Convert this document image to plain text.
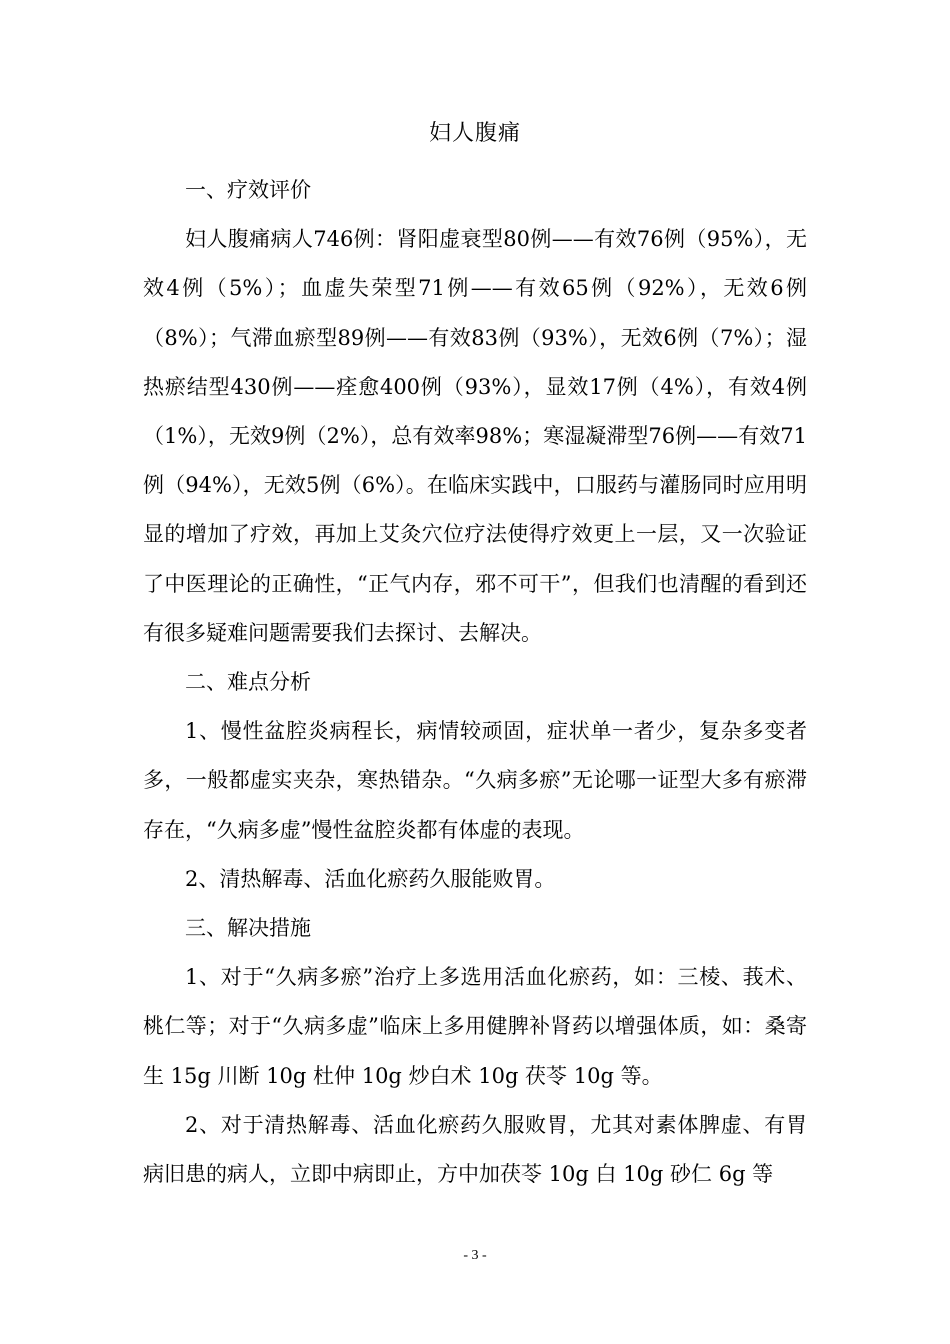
妇人腹痛

一、疗效评价

妇人腹痛病人746例：肾阳虚衰型80例——有效76例（95%），无效4例（5%）；血虚失荣型71例——有效65例（92%），无效6例（8%）；气滞血瘀型89例——有效83例（93%），无效6例（7%）；湿热瘀结型430例——痊愈400例（93%），显效17例（4%），有效4例（1%），无效9例（2%），总有效率98%；寒湿凝滞型76例——有效71例（94%），无效5例（6%）。在临床实践中，口服药与灌肠同时应用明显的增加了疗效，再加上艾灸穴位疗法使得疗效更上一层，又一次验证了中医理论的正确性，“正气内存，邪不可干”，但我们也清醒的看到还有很多疑难问题需要我们去探讨、去解决。

二、难点分析

1、慢性盆腔炎病程长，病情较顽固，症状单一者少，复杂多变者多，一般都虚实夹杂，寒热错杂。“久病多瘀”无论哪一证型大多有瘀滞存在，“久病多虚”慢性盆腔炎都有体虚的表现。

2、清热解毒、活血化瘀药久服能败胃。

三、解决措施

1、对于“久病多瘀”治疗上多选用活血化瘀药，如：三棱、莪术、桃仁等；对于“久病多虚”临床上多用健脾补肾药以增强体质，如：桑寄生 15g 川断 10g 杜仲 10g 炒白术 10g 茯苓 10g 等。

2、对于清热解毒、活血化瘀药久服败胃，尤其对素体脾虚、有胃病旧患的病人，立即中病即止，方中加茯苓 10g 白 10g 砂仁 6g 等

- 3 -
